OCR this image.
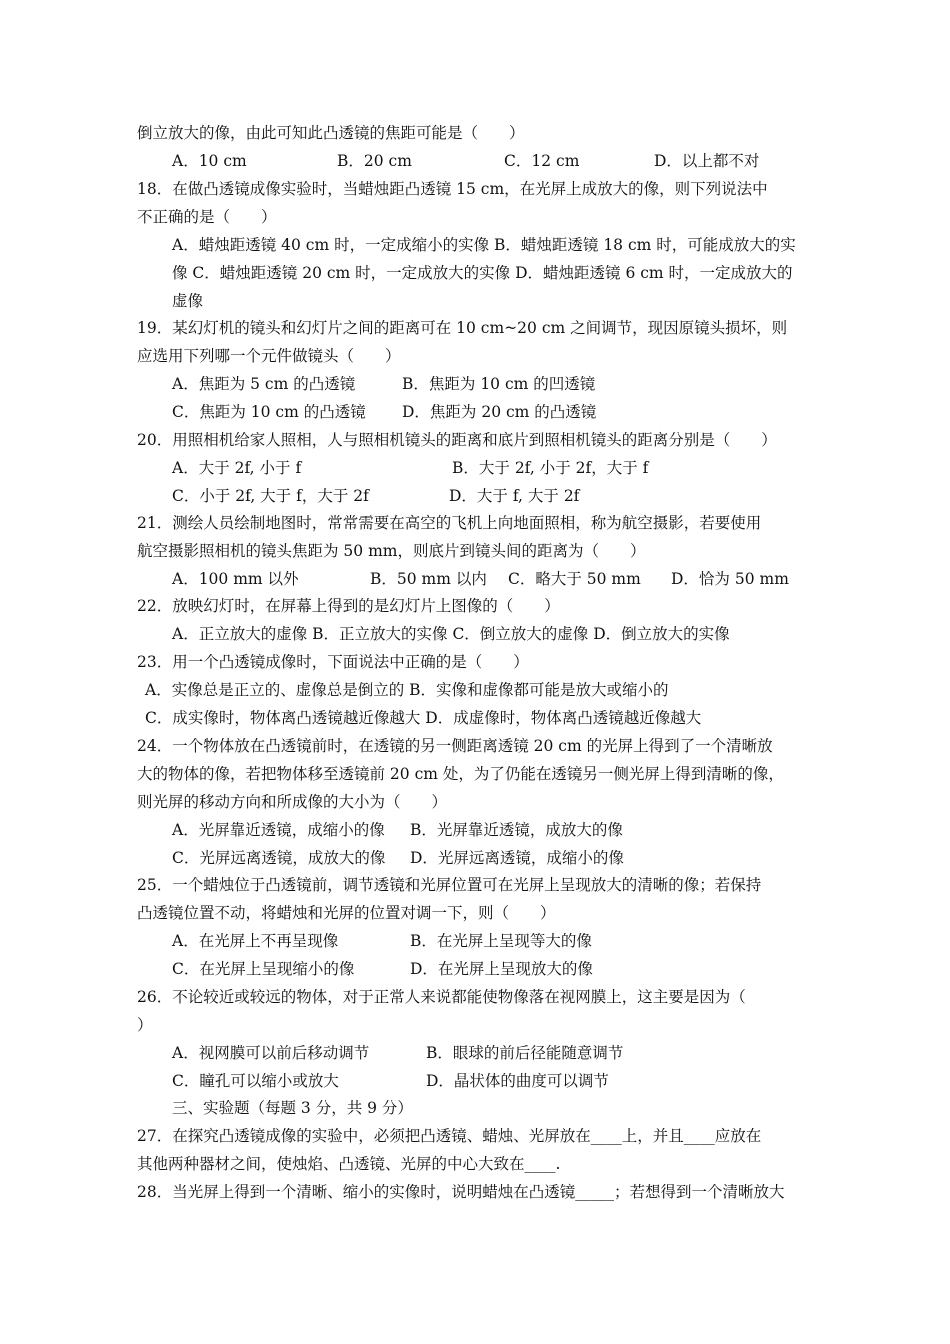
倒立放大的像，由此可知此凸透镜的焦距可能是（　　）
A．10 cm	B．20 cm	C．12 cm	D．以上都不对
18．在做凸透镜成像实验时，当蜡烛距凸透镜 15 cm，在光屏上成放大的像，则下列说法中
不正确的是（　　）
A．蜡烛距透镜 40 cm 时，一定成缩小的实像 B．蜡烛距透镜 18 cm 时，可能成放大的实
像 C．蜡烛距透镜 20 cm 时，一定成放大的实像 D．蜡烛距透镜 6 cm 时，一定成放大的
虚像
19．某幻灯机的镜头和幻灯片之间的距离可在 10 cm~20 cm 之间调节，现因原镜头损坏，则
应选用下列哪一个元件做镜头（　　）
A．焦距为 5 cm 的凸透镜	B．焦距为 10 cm 的凹透镜
C．焦距为 10 cm 的凸透镜 D．焦距为 20 cm 的凸透镜
20．用照相机给家人照相，人与照相机镜头的距离和底片到照相机镜头的距离分别是（　　）
A．大于 2f, 小于 f	B．大于 2f, 小于 2f，大于 f
C．小于 2f, 大于 f，大于 2f	D．大于 f, 大于 2f
21．测绘人员绘制地图时，常常需要在高空的飞机上向地面照相，称为航空摄影，若要使用
航空摄影照相机的镜头焦距为 50 mm，则底片到镜头间的距离为（　　）
A．100 mm 以外	B．50 mm 以内 C．略大于 50 mm D．恰为 50 mm
22．放映幻灯时，在屏幕上得到的是幻灯片上图像的（　　）
A．正立放大的虚像 B．正立放大的实像 C．倒立放大的虚像 D．倒立放大的实像
23．用一个凸透镜成像时，下面说法中正确的是（　　）
A．实像总是正立的、虚像总是倒立的 B．实像和虚像都可能是放大或缩小的
C．成实像时，物体离凸透镜越近像越大 D．成虚像时，物体离凸透镜越近像越大
24．一个物体放在凸透镜前时，在透镜的另一侧距离透镜 20 cm 的光屏上得到了一个清晰放
大的物体的像，若把物体移至透镜前 20 cm 处，为了仍能在透镜另一侧光屏上得到清晰的像，
则光屏的移动方向和所成像的大小为（　　）
A．光屏靠近透镜，成缩小的像 B．光屏靠近透镜，成放大的像
C．光屏远离透镜，成放大的像 D．光屏远离透镜，成缩小的像
25．一个蜡烛位于凸透镜前，调节透镜和光屏位置可在光屏上呈现放大的清晰的像；若保持
凸透镜位置不动，将蜡烛和光屏的位置对调一下，则（　　）
A．在光屏上不再呈现像	B．在光屏上呈现等大的像
C．在光屏上呈现缩小的像	D．在光屏上呈现放大的像
26．不论较近或较远的物体，对于正常人来说都能使物像落在视网膜上，这主要是因为（
）
A．视网膜可以前后移动调节	B．眼球的前后径能随意调节
C．瞳孔可以缩小或放大	D．晶状体的曲度可以调节
三、实验题（每题 3 分，共 9 分）
27．在探究凸透镜成像的实验中，必须把凸透镜、蜡烛、光屏放在____上，并且____应放在
其他两种器材之间，使烛焰、凸透镜、光屏的中心大致在____.
28．当光屏上得到一个清晰、缩小的实像时，说明蜡烛在凸透镜_____；若想得到一个清晰放大
